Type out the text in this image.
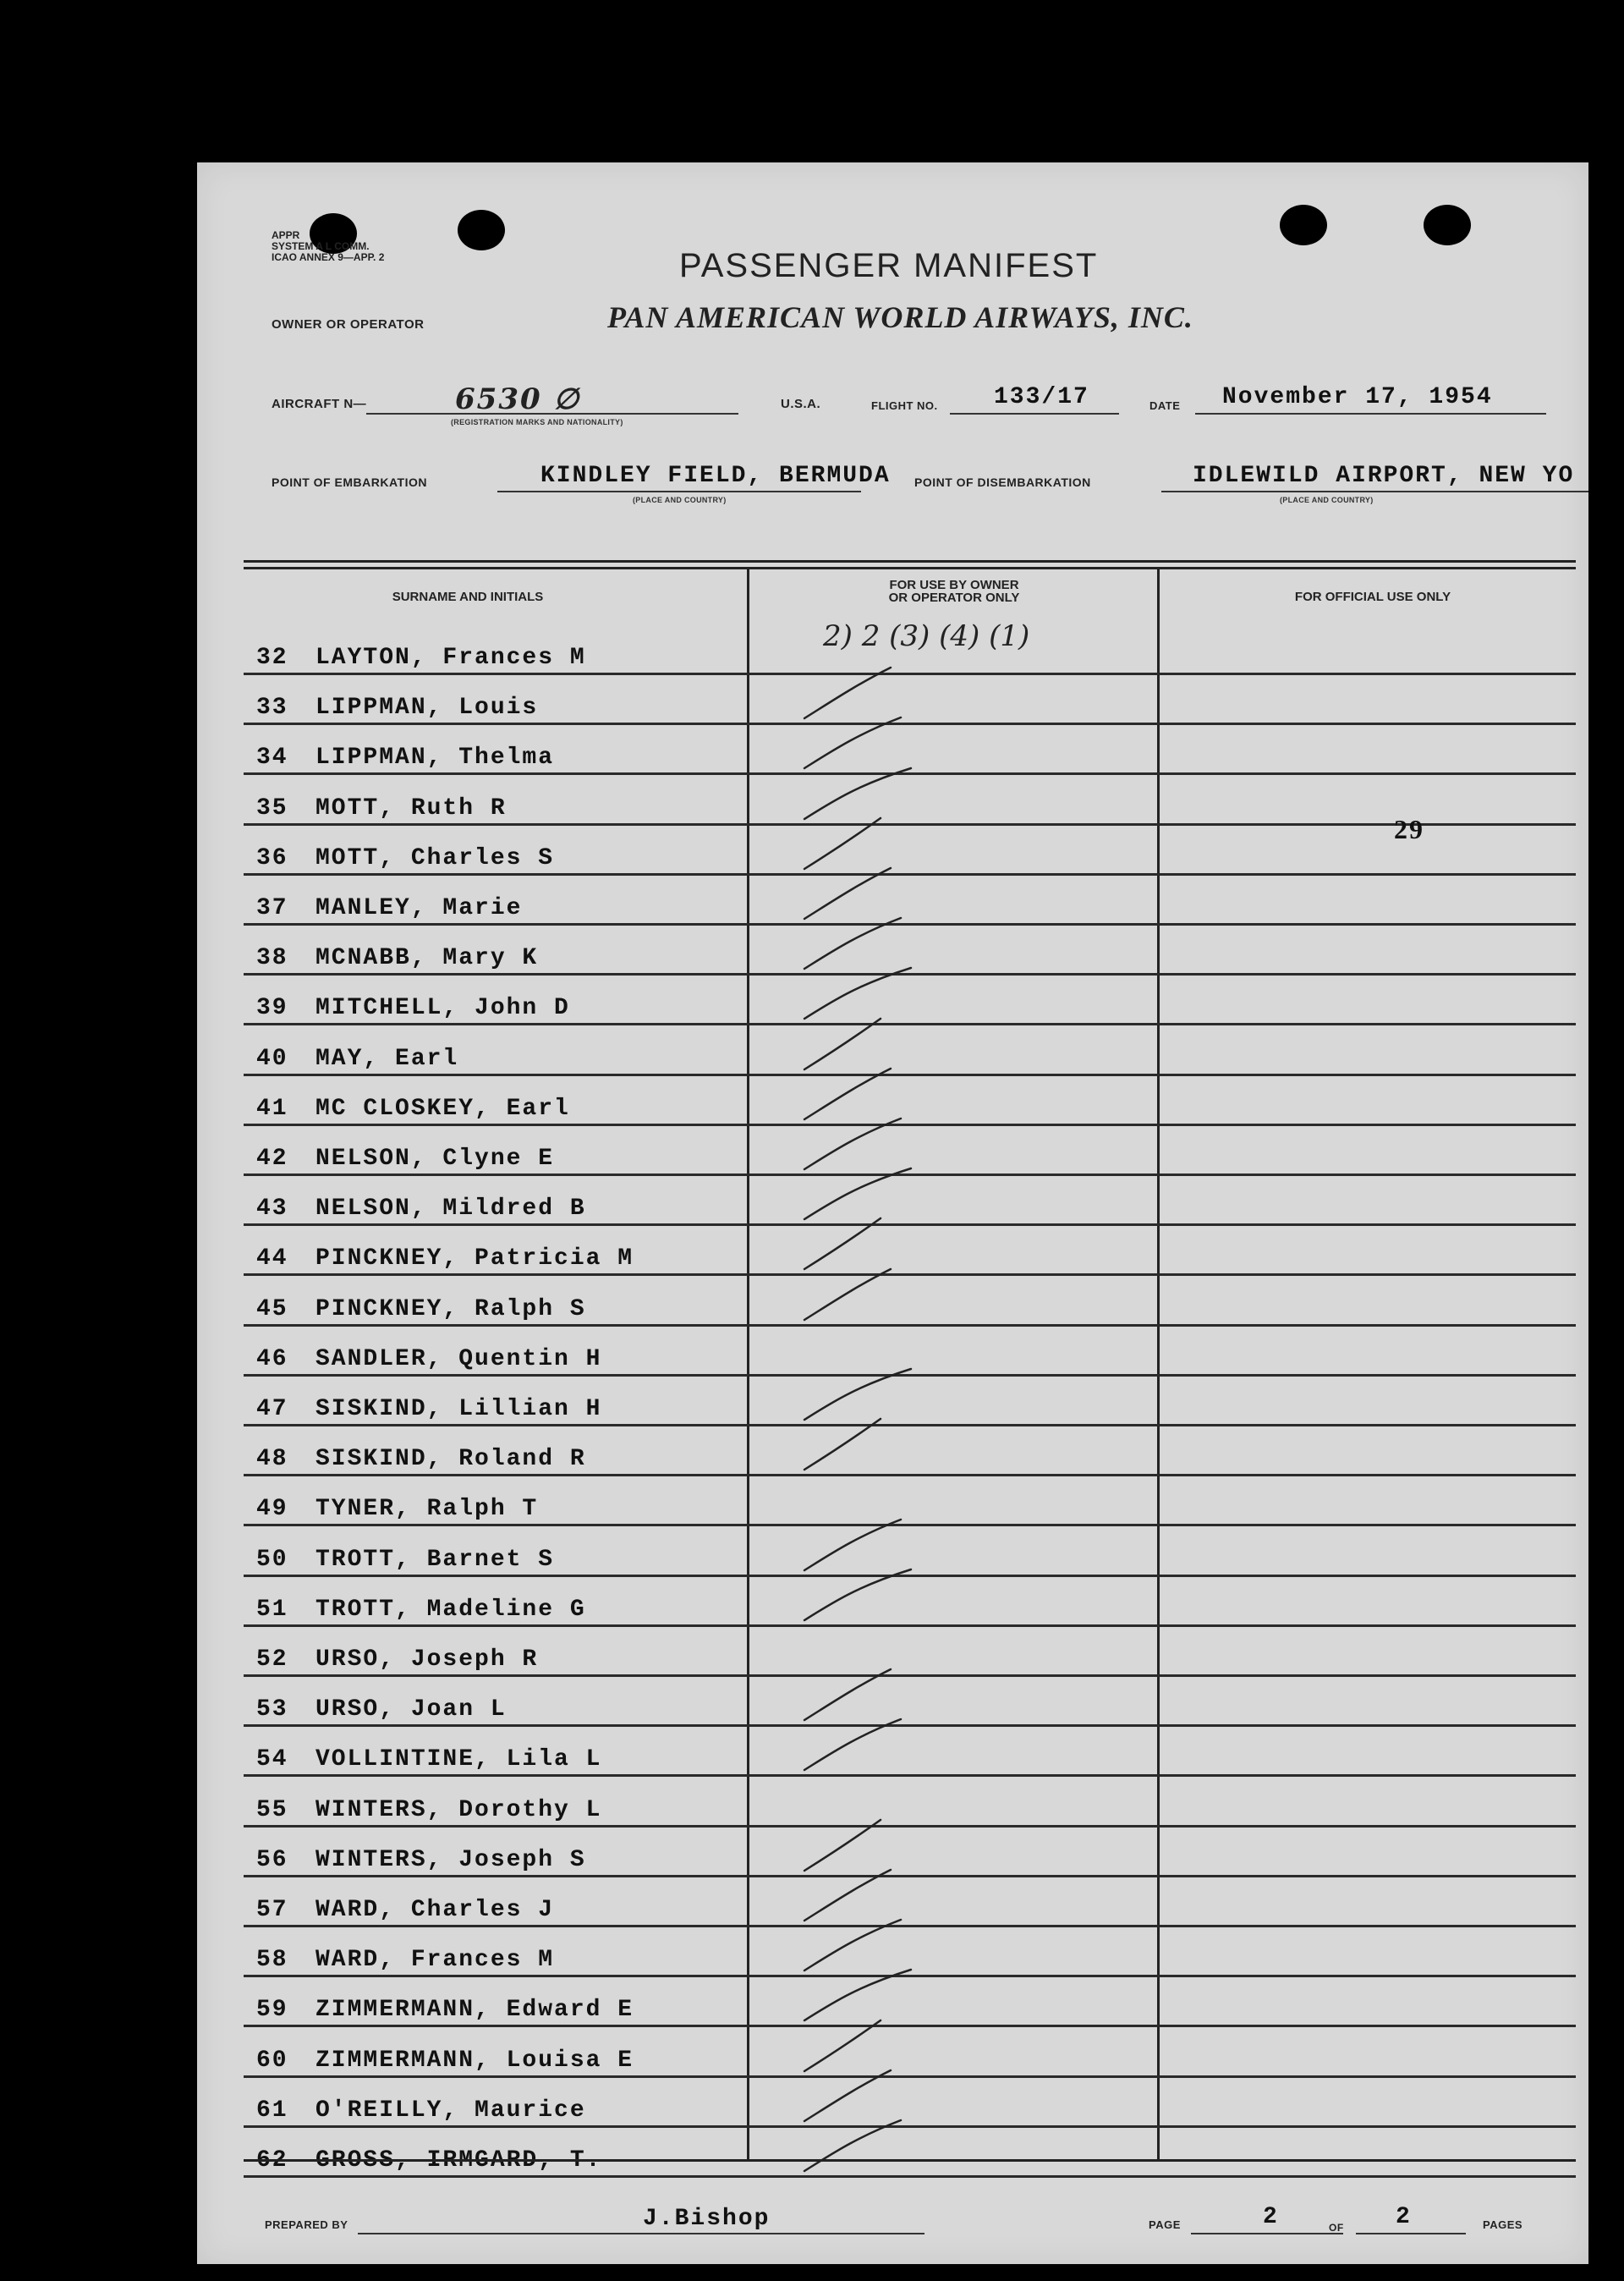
APPR
SYSTEM A L COMM.
ICAO ANNEX 9—APP. 2	PASSENGER MANIFEST
OWNER OR OPERATOR	PAN AMERICAN WORLD AIRWAYS, INC.
AIRCRAFT N—	6530 ∅
(REGISTRATION MARKS AND NATIONALITY)
U.S.A.	FLIGHT NO. 133/17	DATE November 17, 1954
POINT OF EMBARKATION	KINDLEY FIELD, BERMUDA
(PLACE AND COUNTRY)
POINT OF DISEMBARKATION	IDLEWILD AIRPORT, NEW YO
(PLACE AND COUNTRY)
SURNAME AND INITIALS
FOR USE BY OWNER
OR OPERATOR ONLY	FOR OFFICIAL USE ONLY
32	LAYTON, Frances M
33	LIPPMAN, Louis
34	LIPPMAN, Thelma
35	MOTT, Ruth R
36	MOTT, Charles S
37	MANLEY, Marie
38	MCNABB, Mary K
39	MITCHELL, John D
40	MAY, Earl
41	MC CLOSKEY, Earl
42	NELSON, Clyne E
43	NELSON, Mildred B
44	PINCKNEY, Patricia M
45	PINCKNEY, Ralph S
46	SANDLER, Quentin H
47	SISKIND, Lillian H
48	SISKIND, Roland R
49	TYNER, Ralph T
50	TROTT, Barnet S
51	TROTT, Madeline G
52	URSO, Joseph R
53	URSO, Joan L
54	VOLLINTINE, Lila L
55	WINTERS, Dorothy L
56	WINTERS, Joseph S
57	WARD, Charles J
58	WARD, Frances M
59	ZIMMERMANN, Edward E
60	ZIMMERMANN, Louisa E
61	O'REILLY, Maurice
62	GROSS, IRMGARD, T.
2) 2 (3) (4) (1)
29
PREPARED BY	J.Bishop	PAGE	2	OF 2	PAGES
